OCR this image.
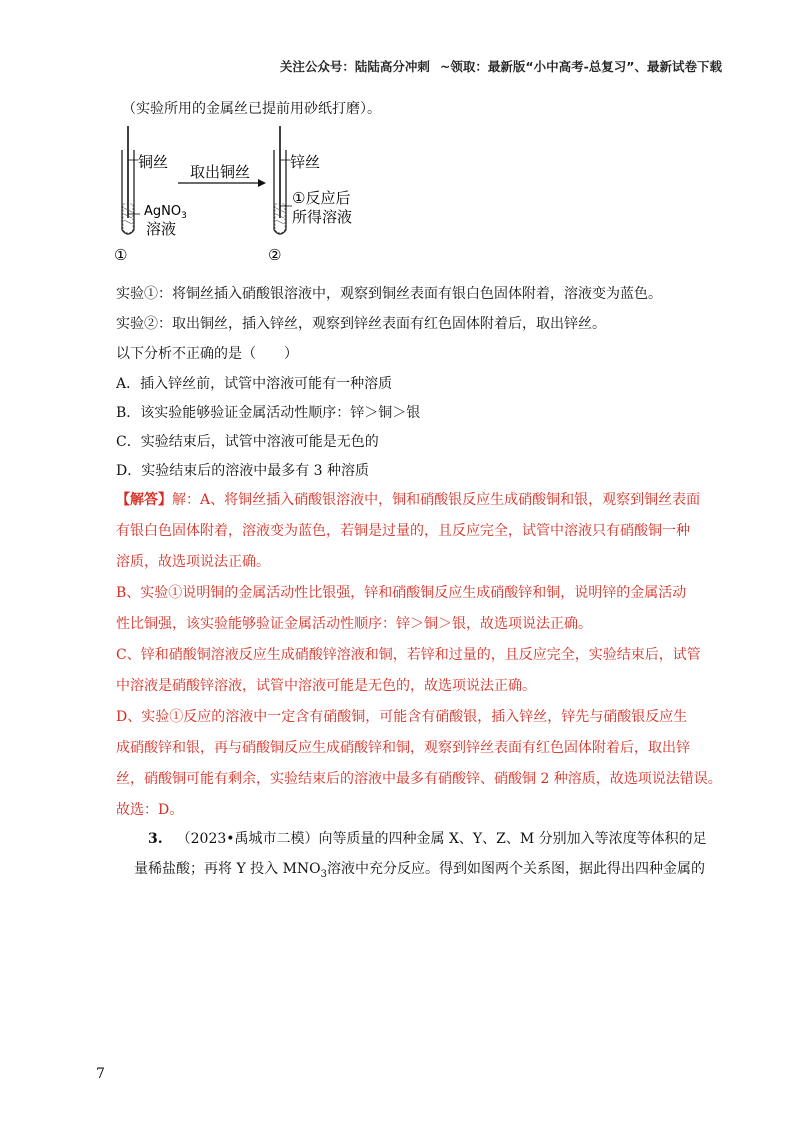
关注公众号：陆陆高分冲刺 ~领取：最新版“小中高考-总复习”、最新试卷下载
（实验所用的金属丝已提前用砂纸打磨）。
铜丝
AgNO$_3$
溶液
取出铜丝
锌丝
①反应后
所得溶液
①	②
实验①：将铜丝插入硝酸银溶液中，观察到铜丝表面有银白色固体附着，溶液变为蓝色。
实验②：取出铜丝，插入锌丝，观察到锌丝表面有红色固体附着后，取出锌丝。
以下分析不正确的是（　　）
A．插入锌丝前，试管中溶液可能有一种溶质
B．该实验能够验证金属活动性顺序：锌＞铜＞银
C．实验结束后，试管中溶液可能是无色的
D．实验结束后的溶液中最多有 3 种溶质
【解答】解：A、将铜丝插入硝酸银溶液中，铜和硝酸银反应生成硝酸铜和银，观察到铜丝表面
有银白色固体附着，溶液变为蓝色，若铜是过量的，且反应完全，试管中溶液只有硝酸铜一种
溶质，故选项说法正确。
B、实验①说明铜的金属活动性比银强，锌和硝酸铜反应生成硝酸锌和铜，说明锌的金属活动
性比铜强，该实验能够验证金属活动性顺序：锌＞铜＞银，故选项说法正确。
C、锌和硝酸铜溶液反应生成硝酸锌溶液和铜，若锌和过量的，且反应完全，实验结束后，试管
中溶液是硝酸锌溶液，试管中溶液可能是无色的，故选项说法正确。
D、实验①反应的溶液中一定含有硝酸铜，可能含有硝酸银，插入锌丝，锌先与硝酸银反应生
成硝酸锌和银，再与硝酸铜反应生成硝酸锌和铜，观察到锌丝表面有红色固体附着后，取出锌
丝，硝酸铜可能有剩余，实验结束后的溶液中最多有硝酸锌、硝酸铜 2 种溶质，故选项说法错误。
故选：D。
3.  （2023•禹城市二模）向等质量的四种金属 X、Y、Z、M 分别加入等浓度等体积的足
量稀盐酸；再将 Y 投入 $MNO_3$溶液中充分反应。得到如图两个关系图，据此得出四种金属的
7
